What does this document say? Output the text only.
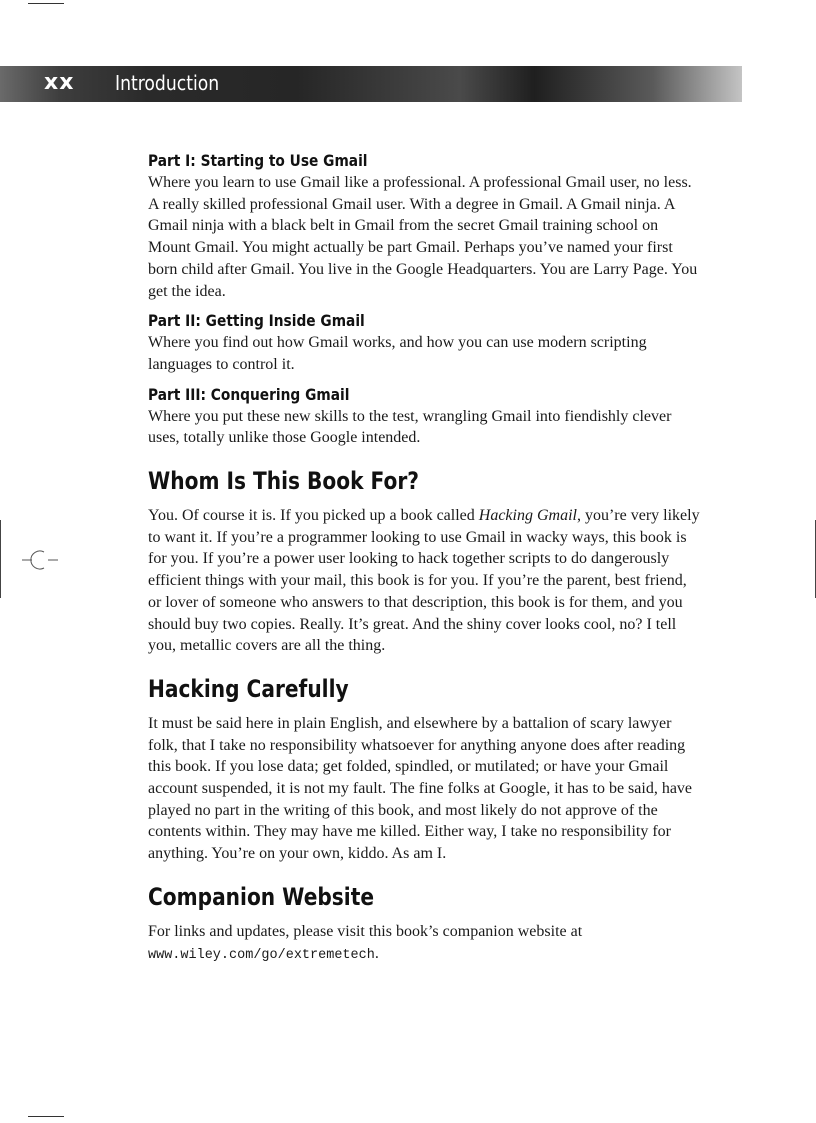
xx Introduction
Part I: Starting to Use Gmail

Where you learn to use Gmail like a professional. A professional Gmail user, no less. A really skilled professional Gmail user. With a degree in Gmail. A Gmail ninja. A Gmail ninja with a black belt in Gmail from the secret Gmail training school on Mount Gmail. You might actually be part Gmail. Perhaps you’ve named your first born child after Gmail. You live in the Google Headquarters. You are Larry Page. You get the idea.

Part II: Getting Inside Gmail

Where you find out how Gmail works, and how you can use modern scripting languages to control it.

Part III: Conquering Gmail

Where you put these new skills to the test, wrangling Gmail into fiendishly clever uses, totally unlike those Google intended.

Whom Is This Book For?

You. Of course it is. If you picked up a book called Hacking Gmail, you’re very likely to want it. If you’re a programmer looking to use Gmail in wacky ways, this book is for you. If you’re a power user looking to hack together scripts to do dangerously efficient things with your mail, this book is for you. If you’re the parent, best friend, or lover of someone who answers to that description, this book is for them, and you should buy two copies. Really. It’s great. And the shiny cover looks cool, no? I tell you, metallic covers are all the thing.

Hacking Carefully

It must be said here in plain English, and elsewhere by a battalion of scary lawyer folk, that I take no responsibility whatsoever for anything anyone does after reading this book. If you lose data; get folded, spindled, or mutilated; or have your Gmail account suspended, it is not my fault. The fine folks at Google, it has to be said, have played no part in the writing of this book, and most likely do not approve of the contents within. They may have me killed. Either way, I take no responsibility for anything. You’re on your own, kiddo. As am I.

Companion Website

For links and updates, please visit this book’s companion website at www.wiley.com/go/extremetech.
